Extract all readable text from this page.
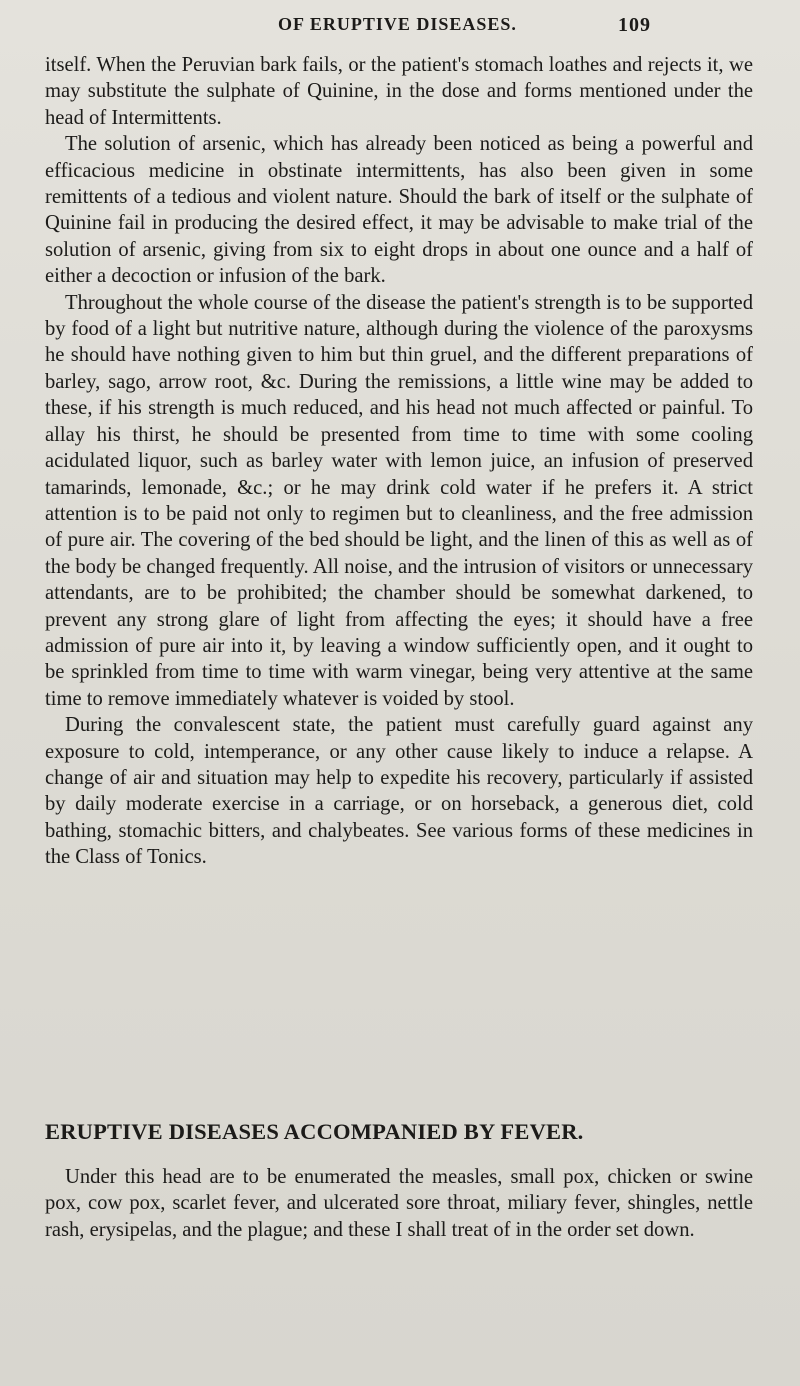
OF ERUPTIVE DISEASES.	109

itself. When the Peruvian bark fails, or the patient's stomach loathes and rejects it, we may substitute the sulphate of Quinine, in the dose and forms mentioned under the head of Intermittents.

The solution of arsenic, which has already been noticed as being a powerful and efficacious medicine in obstinate intermittents, has also been given in some remittents of a tedious and violent nature. Should the bark of itself or the sulphate of Quinine fail in producing the desired effect, it may be advisable to make trial of the solution of arsenic, giving from six to eight drops in about one ounce and a half of either a decoction or infusion of the bark.

Throughout the whole course of the disease the patient's strength is to be supported by food of a light but nutritive nature, although during the violence of the paroxysms he should have nothing given to him but thin gruel, and the different preparations of barley, sago, arrow root, &c. During the remissions, a little wine may be added to these, if his strength is much reduced, and his head not much affected or painful. To allay his thirst, he should be presented from time to time with some cooling acidulated liquor, such as barley water with lemon juice, an infusion of preserved tamarinds, lemonade, &c.; or he may drink cold water if he prefers it. A strict attention is to be paid not only to regimen but to cleanliness, and the free admission of pure air. The covering of the bed should be light, and the linen of this as well as of the body be changed frequently. All noise, and the intrusion of visitors or unnecessary attendants, are to be prohibited; the chamber should be somewhat darkened, to prevent any strong glare of light from affecting the eyes; it should have a free admission of pure air into it, by leaving a window sufficiently open, and it ought to be sprinkled from time to time with warm vinegar, being very attentive at the same time to remove immediately whatever is voided by stool.

During the convalescent state, the patient must carefully guard against any exposure to cold, intemperance, or any other cause likely to induce a relapse. A change of air and situation may help to expedite his recovery, particularly if assisted by daily moderate exercise in a carriage, or on horseback, a generous diet, cold bathing, stomachic bitters, and chalybeates. See various forms of these medicines in the Class of Tonics.

ERUPTIVE DISEASES ACCOMPANIED BY FEVER.

Under this head are to be enumerated the measles, small pox, chicken or swine pox, cow pox, scarlet fever, and ulcerated sore throat, miliary fever, shingles, nettle rash, erysipelas, and the plague; and these I shall treat of in the order set down.
